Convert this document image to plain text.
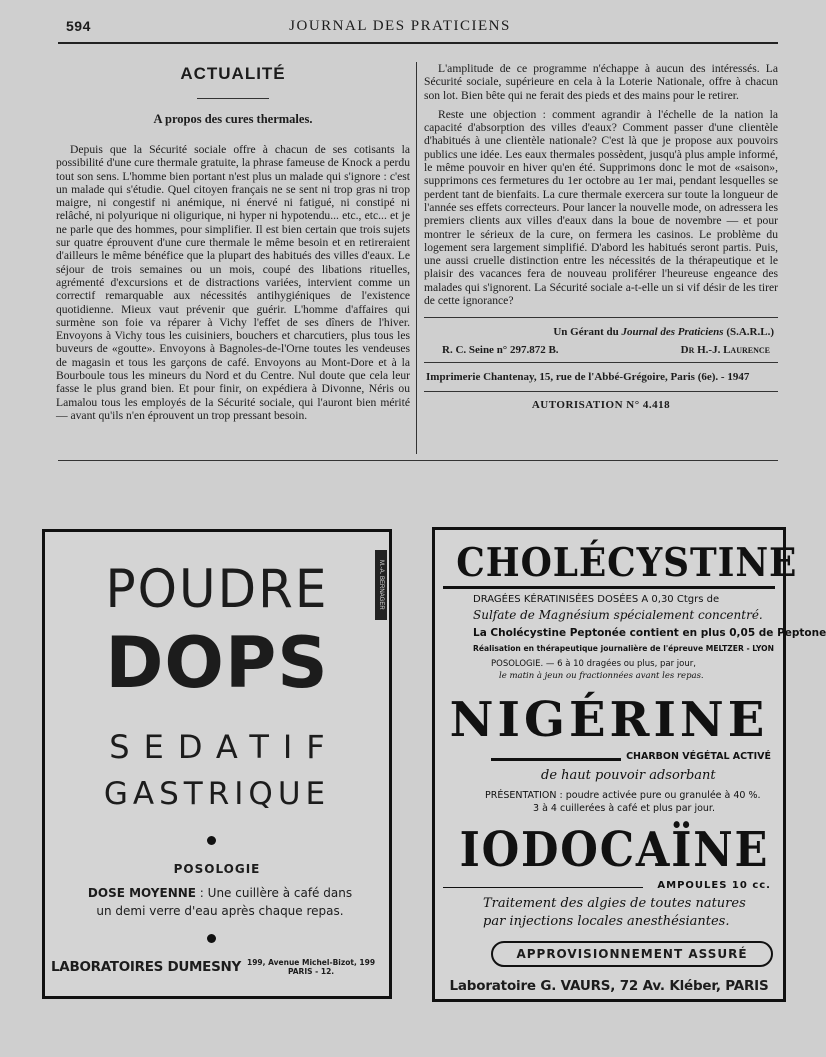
594	JOURNAL DES PRATICIENS
ACTUALITÉ
A propos des cures thermales.

Depuis que la Sécurité sociale offre à chacun de ses cotisants la possibilité d'une cure thermale gratuite, la phrase fameuse de Knock a perdu tout son sens. L'homme bien portant n'est plus un malade qui s'ignore : c'est un malade qui s'étudie. Quel citoyen français ne se sent ni trop gras ni trop maigre, ni congestif ni anémique, ni énervé ni fatigué, ni constipé ni relâché, ni polyurique ni oligurique, ni hyper ni hypotendu... etc., etc... et je ne parle que des hommes, pour simplifier. Il est bien certain que trois sujets sur quatre éprouvent d'une cure thermale le même besoin et en retireraient d'ailleurs le même bénéfice que la plupart des habitués des villes d'eaux. Le séjour de trois semaines ou un mois, coupé des libations rituelles, agrémenté d'excursions et de distractions variées, intervient comme un correctif remarquable aux nécessités antihygiéniques de l'existence quotidienne. Mieux vaut prévenir que guérir. L'homme d'affaires qui surmène son foie va réparer à Vichy l'effet de ses dîners de l'hiver. Envoyons à Vichy tous les cuisiniers, bouchers et charcutiers, plus tous les buveurs de «goutte». Envoyons à Bagnoles-de-l'Orne toutes les vendeuses de magasin et tous les garçons de café. Envoyons au Mont-Dore et à la Bourboule tous les mineurs du Nord et du Centre. Nul doute que cela leur fasse le plus grand bien. Et pour finir, on expédiera à Divonne, Néris ou Lamalou tous les employés de la Sécurité sociale, qui l'auront bien mérité — avant qu'ils n'en éprouvent un trop pressant besoin.

L'amplitude de ce programme n'échappe à aucun des intéressés. La Sécurité sociale, supérieure en cela à la Loterie Nationale, offre à chacun son lot. Bien bête qui ne ferait des pieds et des mains pour le retirer.

Reste une objection : comment agrandir à l'échelle de la nation la capacité d'absorption des villes d'eaux? Comment passer d'une clientèle d'habitués à une clientèle nationale? C'est là que je propose aux pouvoirs publics une idée. Les eaux thermales possèdent, jusqu'à plus ample informé, le même pouvoir en hiver qu'en été. Supprimons donc le mot de «saison», supprimons ces fermetures du 1er octobre au 1er mai, pendant lesquelles se perdent tant de bienfaits. La cure thermale exercera sur toute la longueur de l'année ses effets correcteurs. Pour lancer la nouvelle mode, on adressera les premiers clients aux villes d'eaux dans la boue de novembre — et pour montrer le sérieux de la cure, on fermera les casinos. Le problème du logement sera largement simplifié. D'abord les habitués seront partis. Puis, une aussi cruelle distinction entre les nécessités de la thérapeutique et le plaisir des vacances fera de nouveau proliférer l'heureuse engeance des malades qui s'ignorent. La Sécurité sociale a-t-elle un si vif désir de les tirer de cette ignorance?

Un Gérant du Journal des Praticiens (S.A.R.L.)
R. C. Seine n° 297.872 B.	Dr H.-J. Laurence
Imprimerie Chantenay, 15, rue de l'Abbé-Grégoire, Paris (6e). - 1947
AUTORISATION N° 4.418
M.-A. BERNAGER
POUDRE
DOPS
SEDATIF
GASTRIQUE
POSOLOGIE
DOSE MOYENNE : Une cuillère à café dans
un demi verre d'eau après chaque repas.
LABORATOIRES DUMESNY 199, Avenue Michel-Bizot, 199
PARIS - 12.
CHOLÉCYSTINE
DRAGÉES KÉRATINISÉES DOSÉES A 0,30 Ctgrs de
Sulfate de Magnésium spécialement concentré.
La Cholécystine Peptonée contient en plus 0,05 de Peptone
Réalisation en thérapeutique journalière de l'épreuve MELTZER - LYON
POSOLOGIE. — 6 à 10 dragées ou plus, par jour,
le matin à jeun ou fractionnées avant les repas.
NIGÉRINE
CHARBON VÉGÉTAL ACTIVÉ
de haut pouvoir adsorbant
PRÉSENTATION : poudre activée pure ou granulée à 40 %.
3 à 4 cuillerées à café et plus par jour.
IODOCAÏNE
AMPOULES 10 cc.
Traitement des algies de toutes natures
par injections locales anesthésiantes.
APPROVISIONNEMENT ASSURÉ
Laboratoire G. VAURS, 72 Av. Kléber, PARIS
